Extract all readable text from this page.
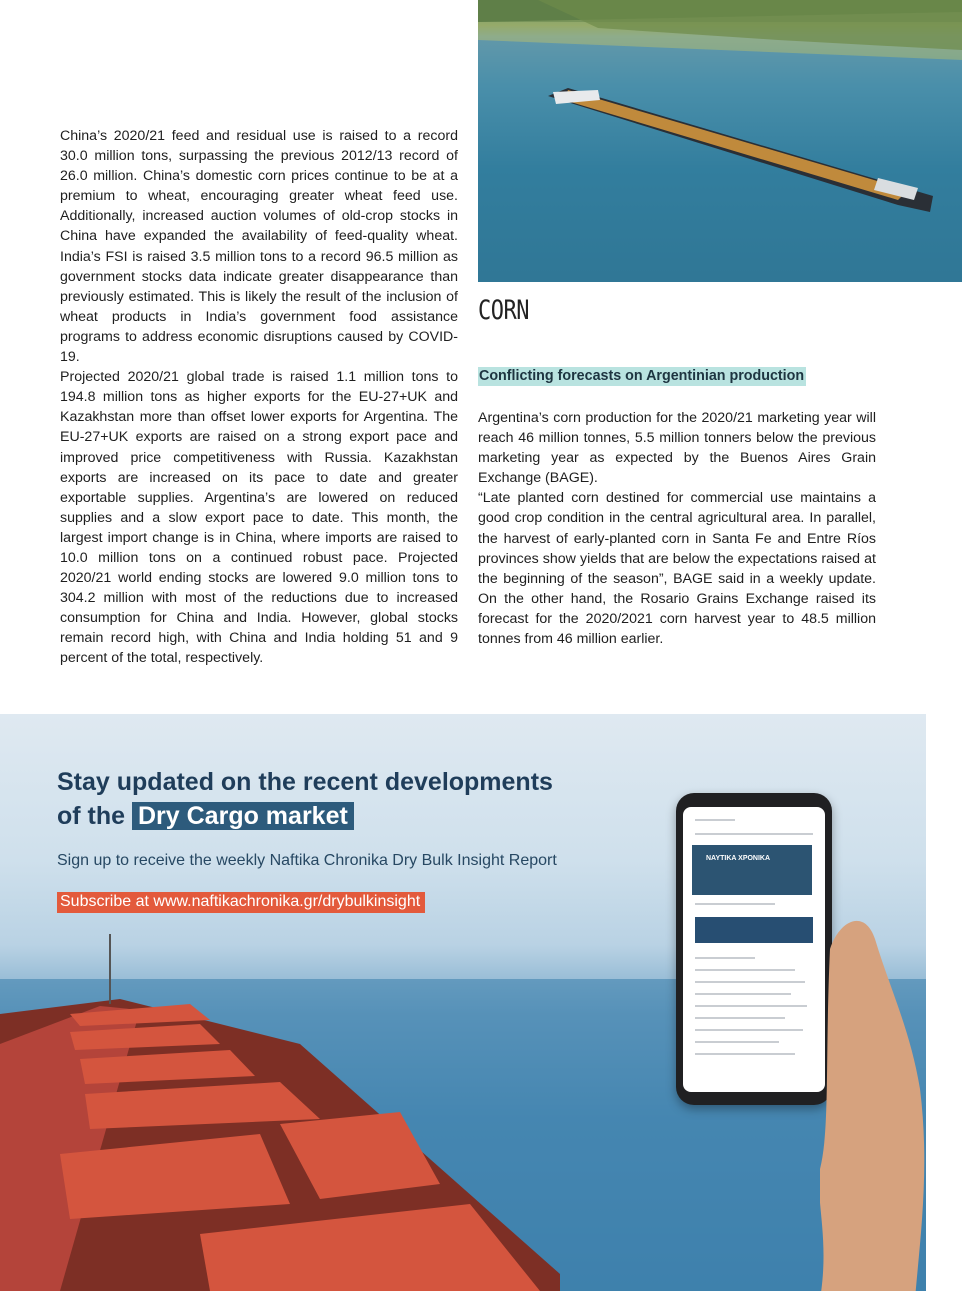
China’s 2020/21 feed and residual use is raised to a record 30.0 million tons, surpassing the previous 2012/13 record of 26.0 million. China’s domestic corn prices continue to be at a premium to wheat, encouraging greater wheat feed use. Additionally, increased auction volumes of old-crop stocks in China have expanded the availability of feed-quality wheat. India’s FSI is raised 3.5 million tons to a record 96.5 million as government stocks data indicate greater disappearance than previously estimated. This is likely the result of the inclusion of wheat products in India’s government food assistance programs to address economic disruptions caused by COVID-19.

Projected 2020/21 global trade is raised 1.1 million tons to 194.8 million tons as higher exports for the EU-27+UK and Kazakhstan more than offset lower exports for Argentina. The EU-27+UK exports are raised on a strong export pace and improved price competitiveness with Russia. Kazakhstan exports are increased on its pace to date and greater exportable supplies. Argentina’s are lowered on reduced supplies and a slow export pace to date. This month, the largest import change is in China, where imports are raised to 10.0 million tons on a continued robust pace. Projected 2020/21 world ending stocks are lowered 9.0 million tons to 304.2 million with most of the reductions due to increased consumption for China and India. However, global stocks remain record high, with China and India holding 51 and 9 percent of the total, respectively.

CORN
Conflicting forecasts on Argentinian production

Argentina’s corn production for the 2020/21 marketing year will reach 46 million tonnes, 5.5 million tonners below the previous marketing year as expected by the Buenos Aires Grain Exchange (BAGE).

“Late planted corn destined for commercial use maintains a good crop condition in the central agricultural area. In parallel, the harvest of early-planted corn in Santa Fe and Entre Ríos provinces show yields that are below the expectations raised at the beginning of the season”, BAGE said in a weekly update. On the other hand, the Rosario Grains Exchange raised its forecast for the 2020/2021 corn harvest year to 48.5 million tonnes from 46 million earlier.

Stay updated on the recent developments
of the Dry Cargo market
Sign up to receive the weekly Naftika Chronika Dry Bulk Insight Report
Subscribe at www.naftikachronika.gr/drybulkinsight
NAYTIKA XPONIKA
